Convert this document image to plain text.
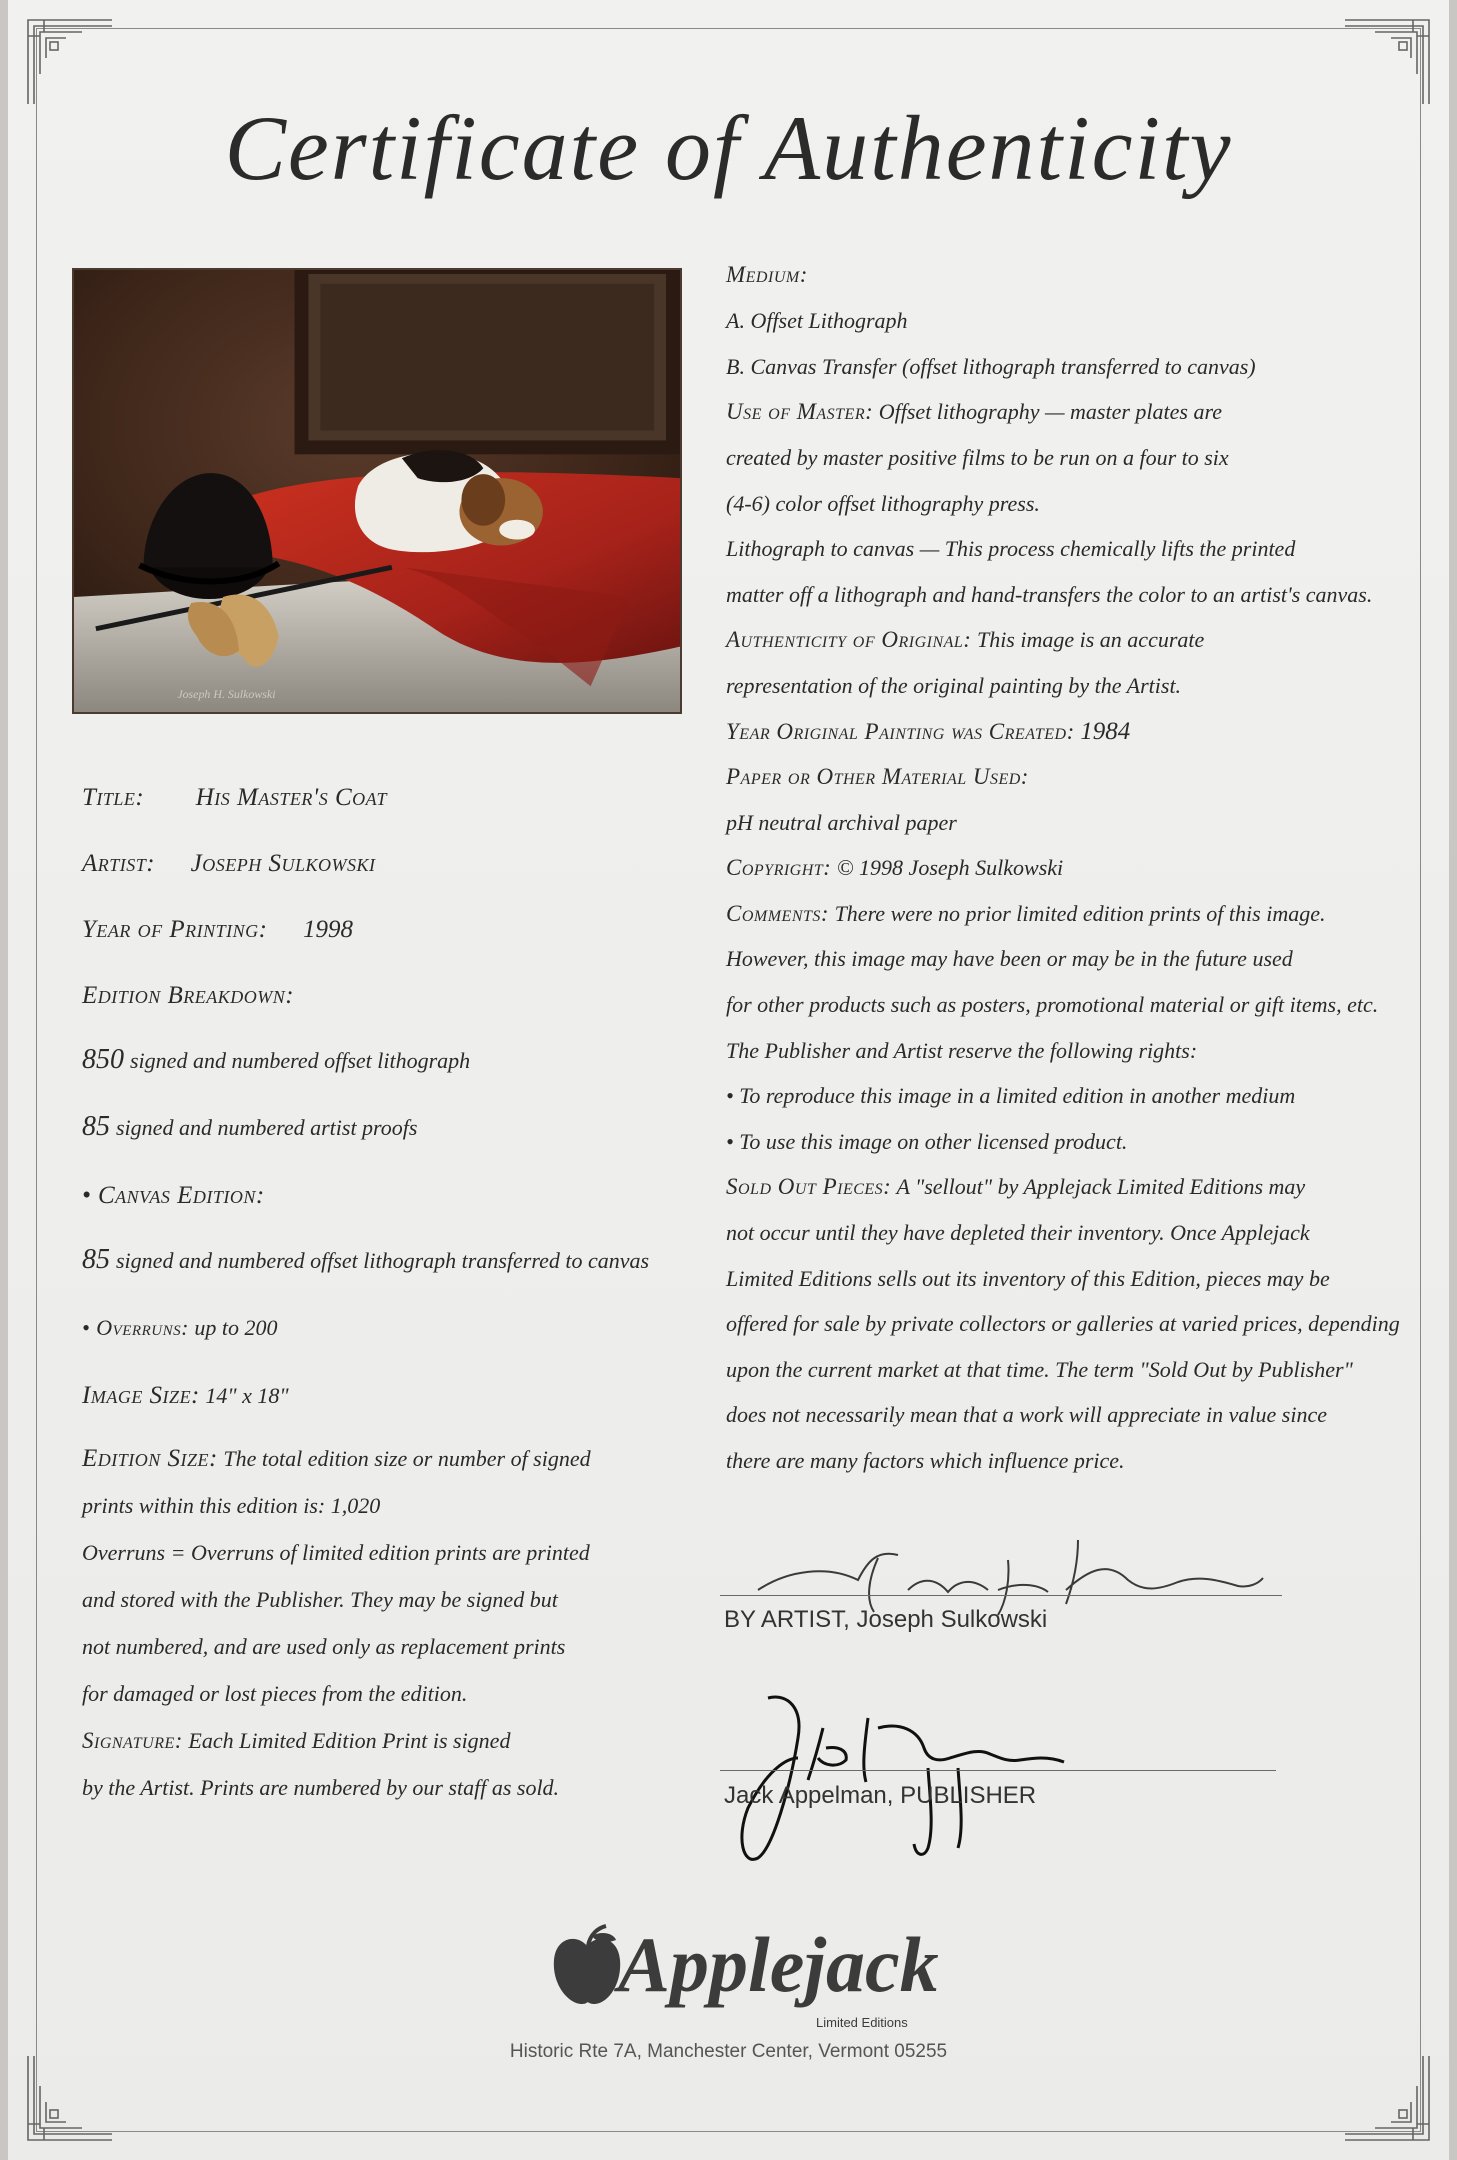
Certificate of Authenticity
Joseph H. Sulkowski
Title: His Master's Coat
Artist: Joseph Sulkowski
Year of Printing: 1998
Edition Breakdown:
850 signed and numbered offset lithograph
85 signed and numbered artist proofs
• Canvas Edition:
85 signed and numbered offset lithograph transferred to canvas
• Overruns: up to 200
Image Size: 14" x 18"
Edition Size: The total edition size or number of signed
prints within this edition is: 1,020
Overruns = Overruns of limited edition prints are printed
and stored with the Publisher. They may be signed but
not numbered, and are used only as replacement prints
for damaged or lost pieces from the edition.
Signature: Each Limited Edition Print is signed
by the Artist. Prints are numbered by our staff as sold.
Medium:
A. Offset Lithograph
B. Canvas Transfer (offset lithograph transferred to canvas)
Use of Master: Offset lithography — master plates are
created by master positive films to be run on a four to six
(4-6) color offset lithography press.
Lithograph to canvas — This process chemically lifts the printed
matter off a lithograph and hand-transfers the color to an artist's canvas.
Authenticity of Original: This image is an accurate
representation of the original painting by the Artist.
Year Original Painting was Created: 1984
Paper or Other Material Used:
pH neutral archival paper
Copyright: © 1998 Joseph Sulkowski
Comments: There were no prior limited edition prints of this image.
However, this image may have been or may be in the future used
for other products such as posters, promotional material or gift items, etc.
The Publisher and Artist reserve the following rights:
• To reproduce this image in a limited edition in another medium
• To use this image on other licensed product.
Sold Out Pieces: A "sellout" by Applejack Limited Editions may
not occur until they have depleted their inventory. Once Applejack
Limited Editions sells out its inventory of this Edition, pieces may be
offered for sale by private collectors or galleries at varied prices, depending
upon the current market at that time. The term "Sold Out by Publisher"
does not necessarily mean that a work will appreciate in value since
there are many factors which influence price.
Joseph H. Sulkowski
BY ARTIST, Joseph Sulkowski
Jack Appelman
Jack Appelman, PUBLISHER
Applejack
Limited Editions
Historic Rte 7A, Manchester Center, Vermont 05255
